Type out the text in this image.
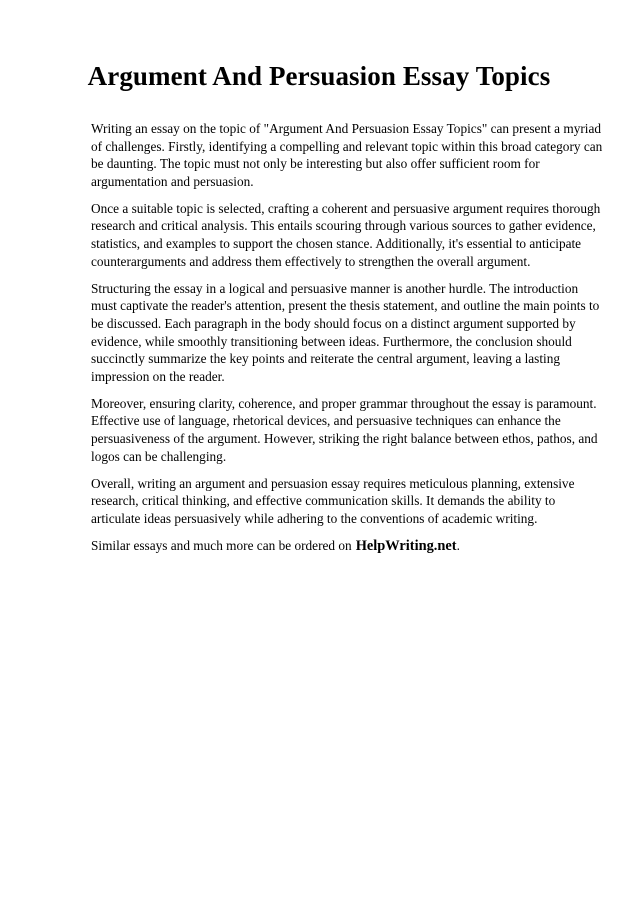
Argument And Persuasion Essay Topics

Writing an essay on the topic of "Argument And Persuasion Essay Topics" can present a myriad of challenges. Firstly, identifying a compelling and relevant topic within this broad category can be daunting. The topic must not only be interesting but also offer sufficient room for argumentation and persuasion.

Once a suitable topic is selected, crafting a coherent and persuasive argument requires thorough research and critical analysis. This entails scouring through various sources to gather evidence, statistics, and examples to support the chosen stance. Additionally, it's essential to anticipate counterarguments and address them effectively to strengthen the overall argument.

Structuring the essay in a logical and persuasive manner is another hurdle. The introduction must captivate the reader's attention, present the thesis statement, and outline the main points to be discussed. Each paragraph in the body should focus on a distinct argument supported by evidence, while smoothly transitioning between ideas. Furthermore, the conclusion should succinctly summarize the key points and reiterate the central argument, leaving a lasting impression on the reader.

Moreover, ensuring clarity, coherence, and proper grammar throughout the essay is paramount. Effective use of language, rhetorical devices, and persuasive techniques can enhance the persuasiveness of the argument. However, striking the right balance between ethos, pathos, and logos can be challenging.

Overall, writing an argument and persuasion essay requires meticulous planning, extensive research, critical thinking, and effective communication skills. It demands the ability to articulate ideas persuasively while adhering to the conventions of academic writing.

Similar essays and much more can be ordered on HelpWriting.net.
